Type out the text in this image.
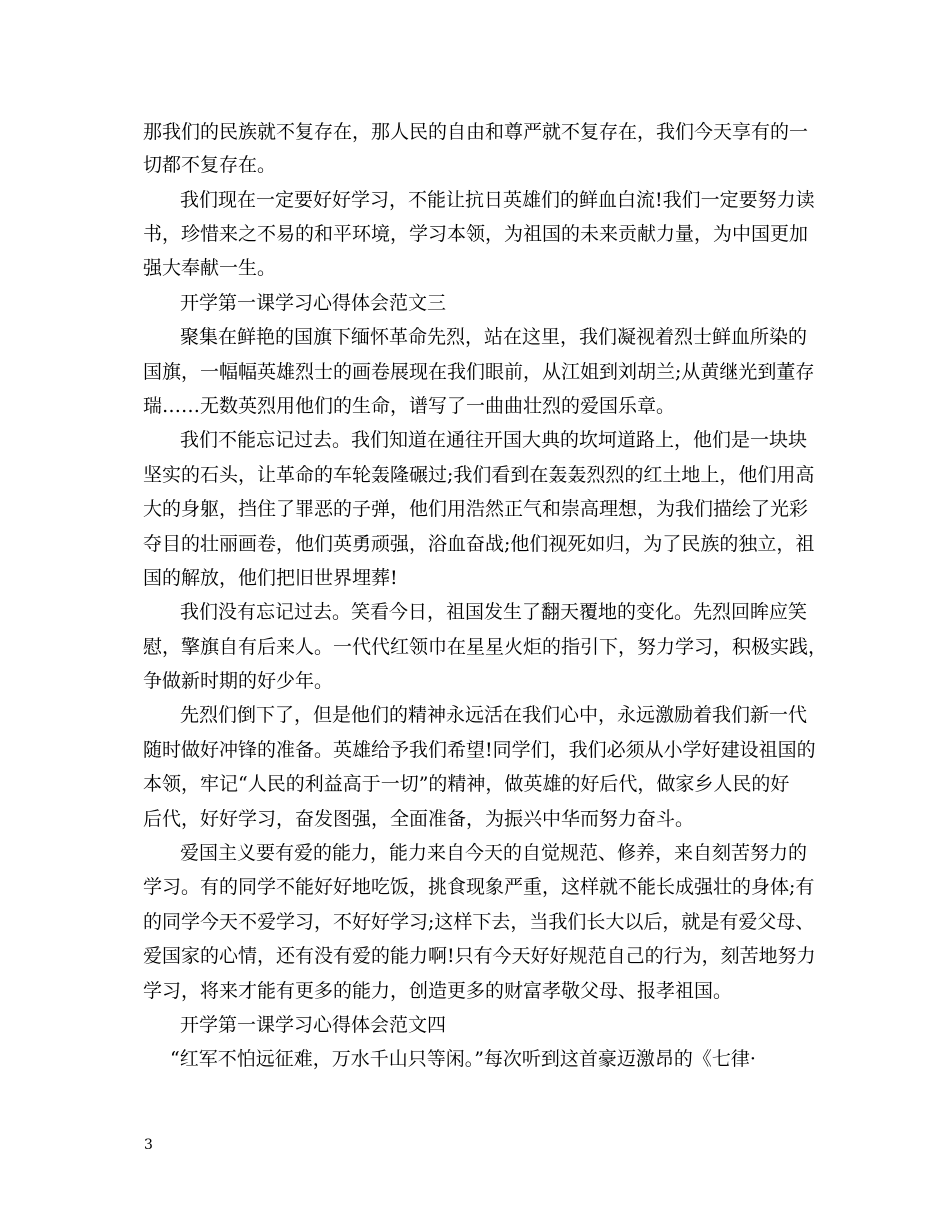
那我们的民族就不复存在，那人民的自由和尊严就不复存在，我们今天享有的一
切都不复存在。
我们现在一定要好好学习，不能让抗日英雄们的鲜血白流!我们一定要努力读
书，珍惜来之不易的和平环境，学习本领，为祖国的未来贡献力量，为中国更加
强大奉献一生。
开学第一课学习心得体会范文三
聚集在鲜艳的国旗下缅怀革命先烈，站在这里，我们凝视着烈士鲜血所染的
国旗，一幅幅英雄烈士的画卷展现在我们眼前，从江姐到刘胡兰;从黄继光到董存
瑞……无数英烈用他们的生命，谱写了一曲曲壮烈的爱国乐章。
我们不能忘记过去。我们知道在通往开国大典的坎坷道路上，他们是一块块
坚实的石头，让革命的车轮轰隆碾过;我们看到在轰轰烈烈的红土地上，他们用高
大的身躯，挡住了罪恶的子弹，他们用浩然正气和崇高理想，为我们描绘了光彩
夺目的壮丽画卷，他们英勇顽强，浴血奋战;他们视死如归，为了民族的独立，祖
国的解放，他们把旧世界埋葬!
我们没有忘记过去。笑看今日，祖国发生了翻天覆地的变化。先烈回眸应笑
慰，擎旗自有后来人。一代代红领巾在星星火炬的指引下，努力学习，积极实践，
争做新时期的好少年。
先烈们倒下了，但是他们的精神永远活在我们心中，永远激励着我们新一代
随时做好冲锋的准备。英雄给予我们希望!同学们，我们必须从小学好建设祖国的
本领，牢记“人民的利益高于一切”的精神，做英雄的好后代，做家乡人民的好
后代，好好学习，奋发图强，全面准备，为振兴中华而努力奋斗。
爱国主义要有爱的能力，能力来自今天的自觉规范、修养，来自刻苦努力的
学习。有的同学不能好好地吃饭，挑食现象严重，这样就不能长成强壮的身体;有
的同学今天不爱学习，不好好学习;这样下去，当我们长大以后，就是有爱父母、
爱国家的心情，还有没有爱的能力啊!只有今天好好规范自己的行为，刻苦地努力
学习，将来才能有更多的能力，创造更多的财富孝敬父母、报孝祖国。
开学第一课学习心得体会范文四
“红军不怕远征难，万水千山只等闲。”每次听到这首豪迈激昂的《七律·
3
